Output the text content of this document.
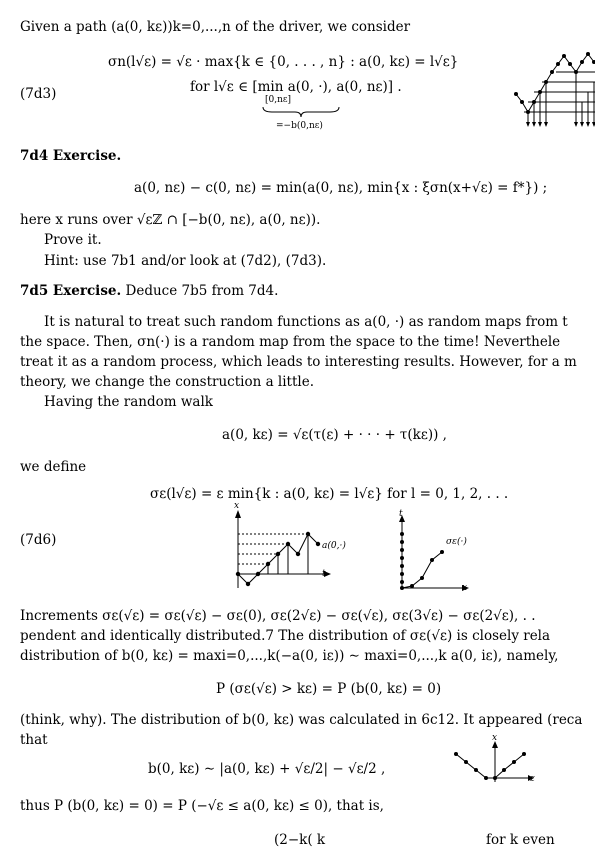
Given a path (a(0, kε))k=0,...,n of the driver, we consider
σn(l√ε) = √ε · max{k ∈ {0, . . . , n} : a(0, kε) = l√ε}
(7d3)	for l√ε ∈ [min a(0, ·), a(0, nε)] .
[0,nε]
=−b(0,nε)
7d4 Exercise.
a(0, nε) − c(0, nε) = min(a(0, nε), min{x : ξσn(x+√ε) = f*}) ;
here x runs over √εℤ ∩ [−b(0, nε), a(0, nε)).
Prove it.
Hint: use 7b1 and/or look at (7d2), (7d3).
7d5 Exercise. Deduce 7b5 from 7d4.
It is natural to treat such random functions as a(0, ·) as random maps from t
the space. Then, σn(·) is a random map from the space to the time! Neverthele
treat it as a random process, which leads to interesting results. However, for a m
theory, we change the construction a little.
Having the random walk
a(0, kε) = √ε(τ(ε) + · · · + τ(kε)) ,
we define
σε(l√ε) = ε min{k : a(0, kε) = l√ε} for l = 0, 1, 2, . . .
(7d6)
x
t
a(0,·)
t
σε(·)
x
Increments σε(√ε) = σε(√ε) − σε(0), σε(2√ε) − σε(√ε), σε(3√ε) − σε(2√ε), . .
pendent and identically distributed.7 The distribution of σε(√ε) is closely rela
distribution of b(0, kε) = maxi=0,...,k(−a(0, iε)) ∼ maxi=0,...,k a(0, iε), namely,
P (σε(√ε) > kε) = P (b(0, kε) = 0)
(think, why). The distribution of b(0, kε) was calculated in 6c12. It appeared (reca
that
b(0, kε) ∼ |a(0, kε) + √ε/2| − √ε/2 ,
x
z
thus P (b(0, kε) = 0) = P (−√ε ≤ a(0, kε) ≤ 0), that is,
(2−k( k	for k even
